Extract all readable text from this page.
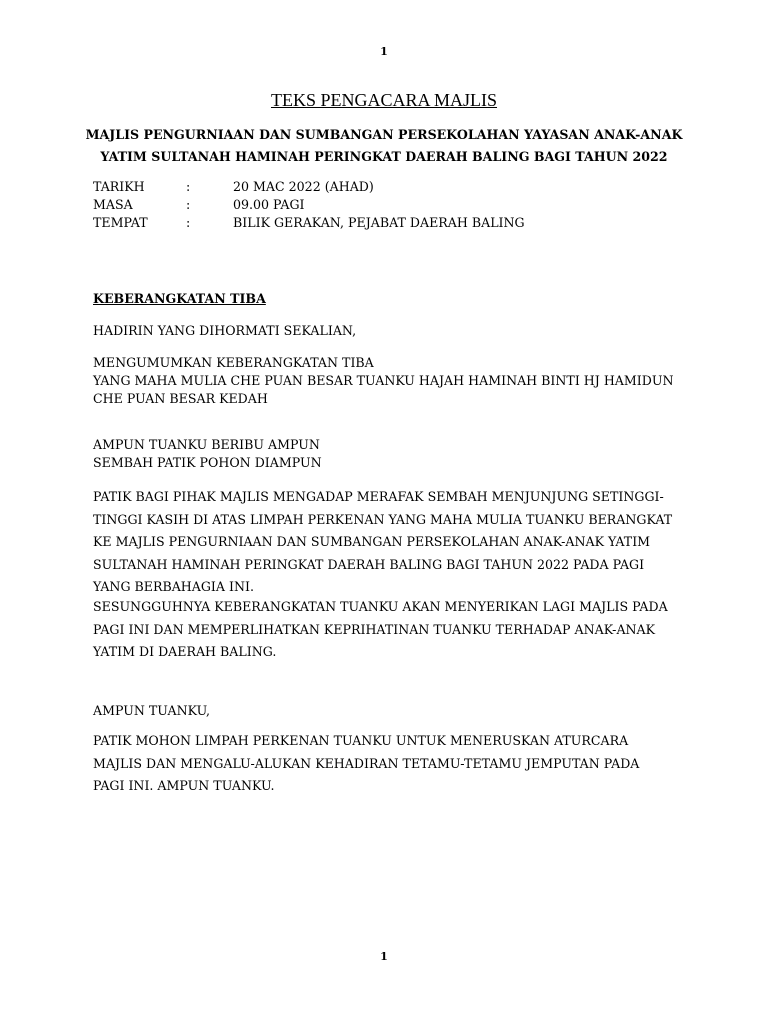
1
TEKS PENGACARA MAJLIS
MAJLIS PENGURNIAAN DAN SUMBANGAN PERSEKOLAHAN YAYASAN ANAK-ANAK
YATIM SULTANAH HAMINAH PERINGKAT DAERAH BALING BAGI TAHUN 2022
TARIKH	:	20 MAC 2022 (AHAD)
MASA	:	09.00 PAGI
TEMPAT	:	BILIK GERAKAN, PEJABAT DAERAH BALING
KEBERANGKATAN TIBA
HADIRIN YANG DIHORMATI SEKALIAN,
MENGUMUMKAN KEBERANGKATAN TIBA
YANG MAHA MULIA CHE PUAN BESAR TUANKU HAJAH HAMINAH BINTI HJ HAMIDUN
CHE PUAN BESAR KEDAH
AMPUN TUANKU BERIBU AMPUN
SEMBAH PATIK POHON DIAMPUN
PATIK BAGI PIHAK MAJLIS MENGADAP MERAFAK SEMBAH MENJUNJUNG SETINGGI-
TINGGI KASIH DI ATAS LIMPAH PERKENAN YANG MAHA MULIA TUANKU BERANGKAT
KE MAJLIS PENGURNIAAN DAN SUMBANGAN PERSEKOLAHAN ANAK-ANAK YATIM
SULTANAH HAMINAH PERINGKAT DAERAH BALING BAGI TAHUN 2022 PADA PAGI
YANG BERBAHAGIA INI.
SESUNGGUHNYA KEBERANGKATAN TUANKU AKAN MENYERIKAN LAGI MAJLIS PADA
PAGI INI DAN MEMPERLIHATKAN KEPRIHATINAN TUANKU TERHADAP ANAK-ANAK
YATIM DI DAERAH BALING.
AMPUN TUANKU,
PATIK MOHON LIMPAH PERKENAN TUANKU UNTUK MENERUSKAN ATURCARA
MAJLIS DAN MENGALU-ALUKAN KEHADIRAN TETAMU-TETAMU JEMPUTAN PADA
PAGI INI. AMPUN TUANKU.
1
